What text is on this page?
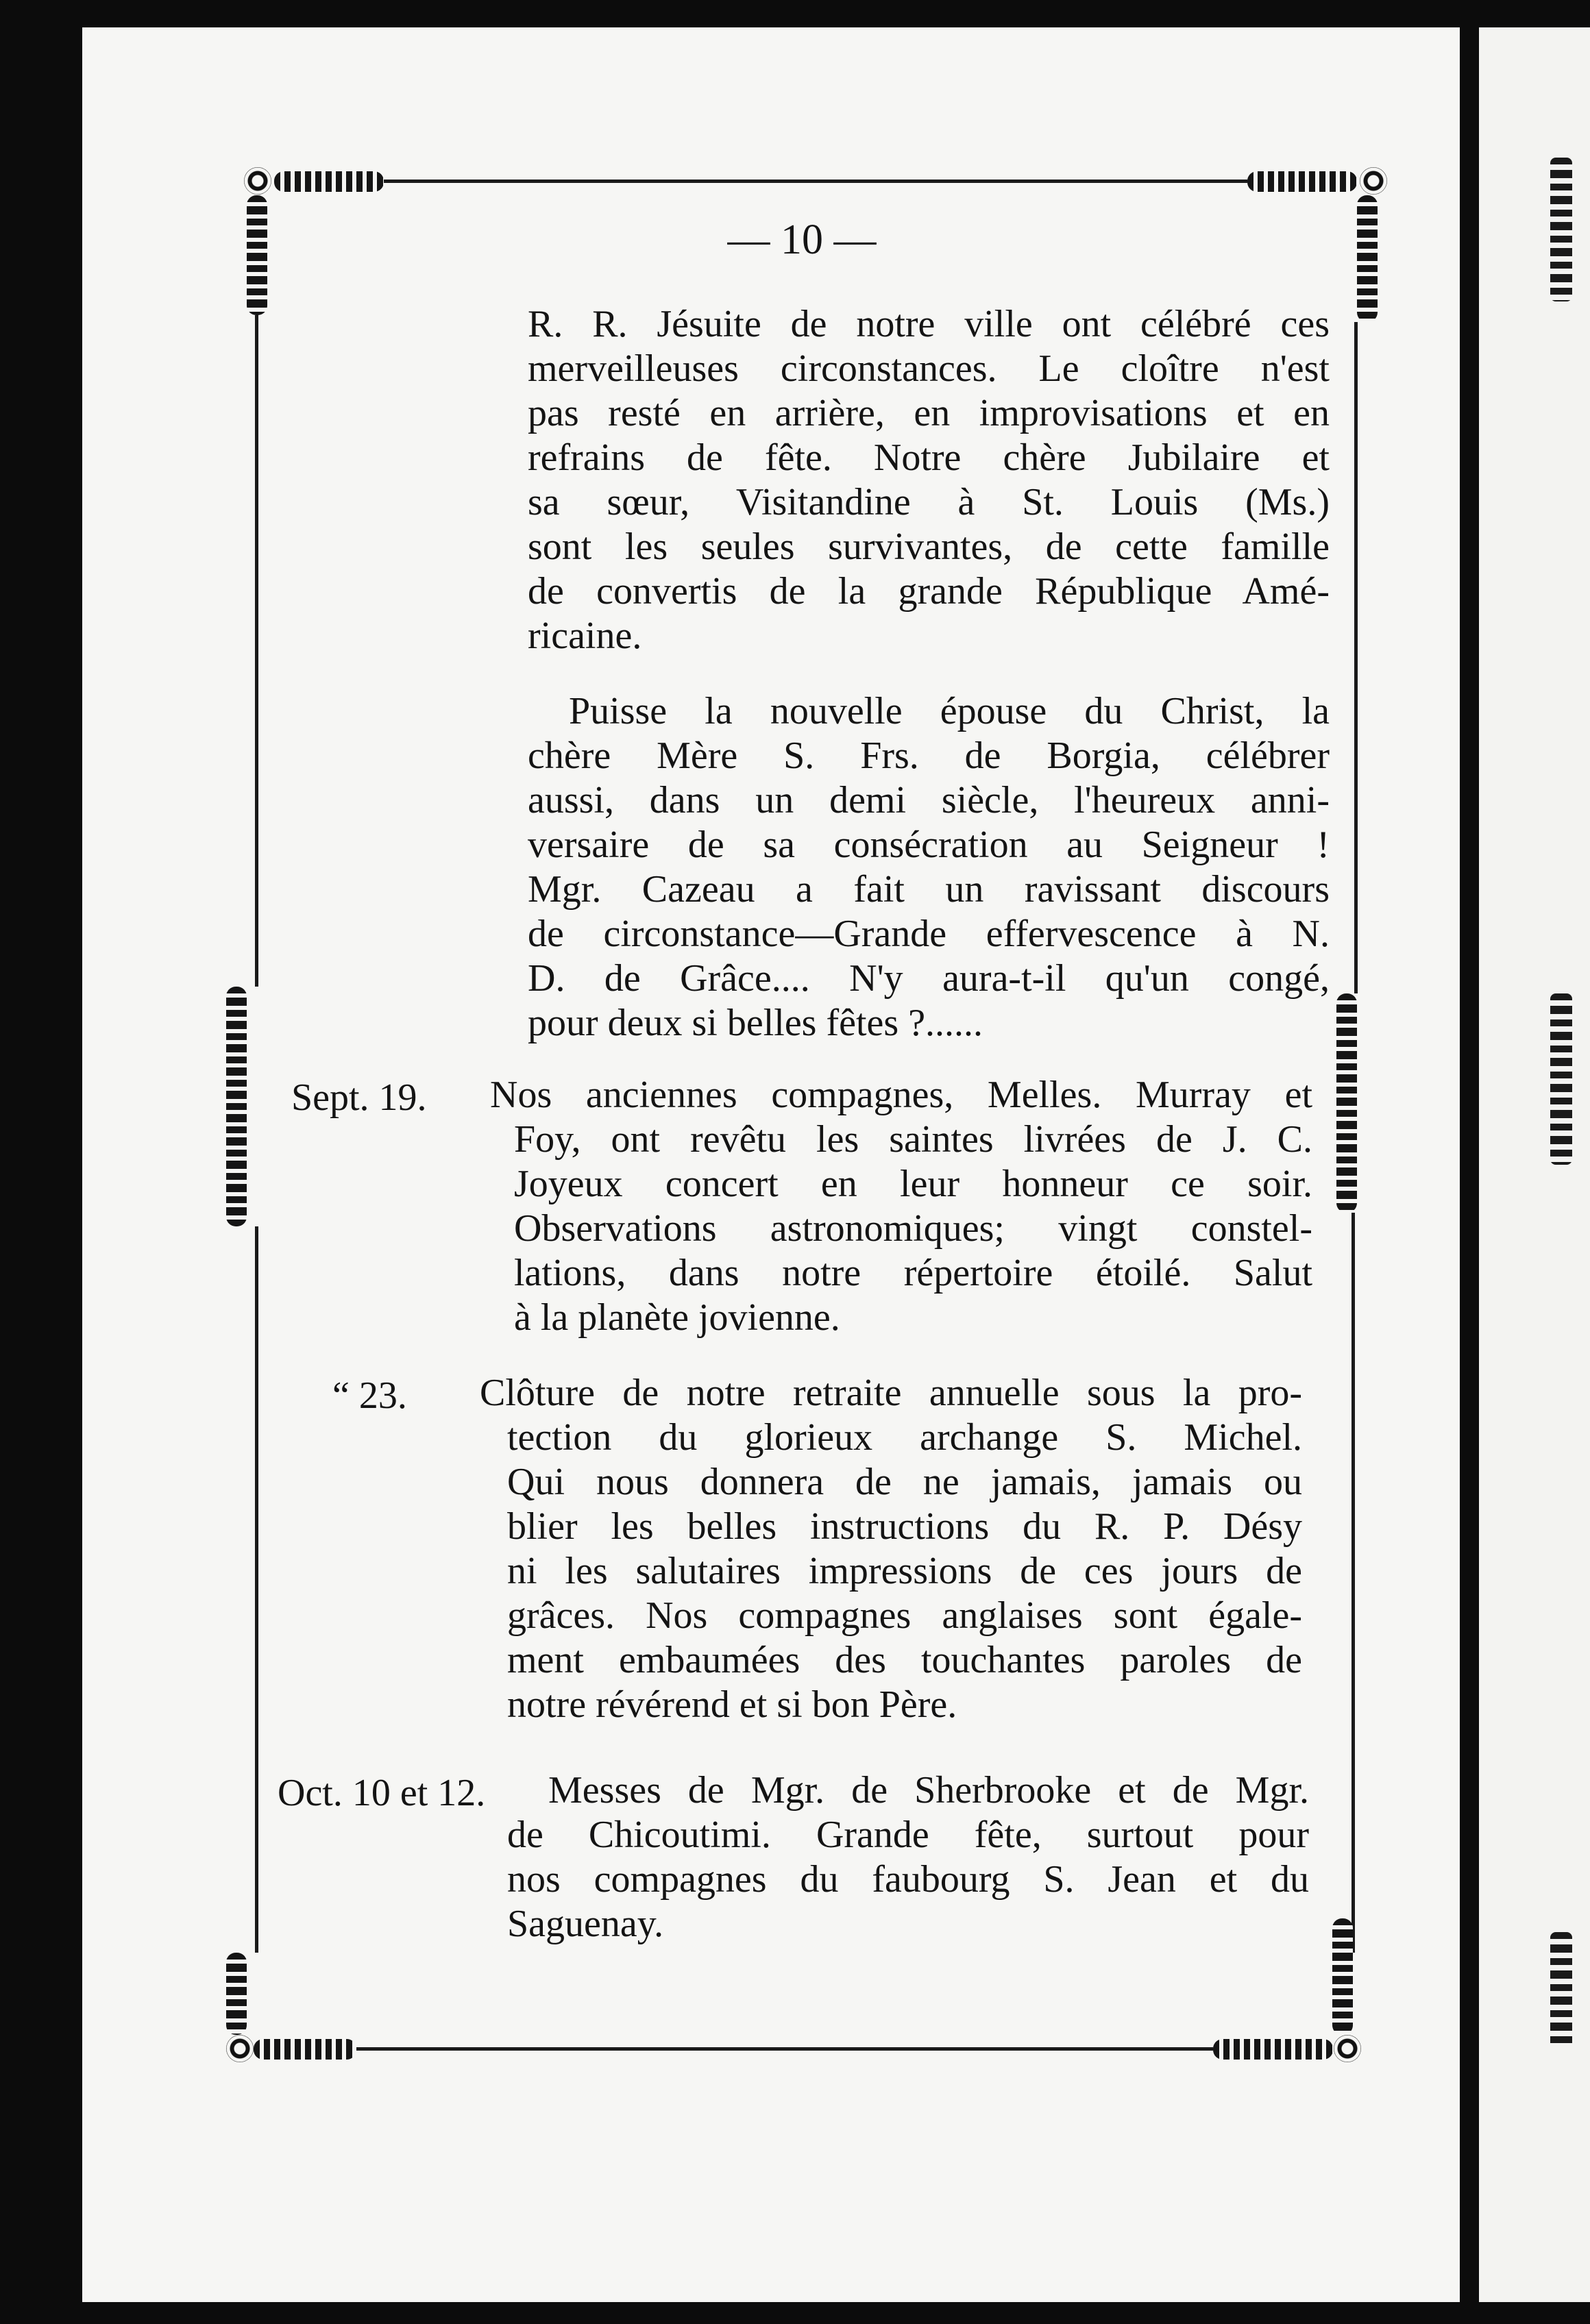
— 10 —
R. R. Jésuite de notre ville ont célébré ces
merveilleuses circonstances. Le cloître n'est
pas resté en arrière, en improvisations et en
refrains de fête. Notre chère Jubilaire et
sa sœur, Visitandine à St. Louis (Ms.)
sont les seules survivantes, de cette famille
de convertis de la grande République Amé-
ricaine.
Puisse la nouvelle épouse du Christ, la
chère Mère S. Frs. de Borgia, célébrer
aussi, dans un demi siècle, l'heureux anni-
versaire de sa consécration au Seigneur !
Mgr. Cazeau a fait un ravissant discours
de circonstance—Grande effervescence à N.
D. de Grâce.... N'y aura-t-il qu'un congé,
pour deux si belles fêtes ?......
Sept. 19. Nos anciennes compagnes, Melles. Murray et
Foy, ont revêtu les saintes livrées de J. C.
Joyeux concert en leur honneur ce soir.
Observations astronomiques; vingt constel-
lations, dans notre répertoire étoilé. Salut
à la planète jovienne.
“ 23. Clôture de notre retraite annuelle sous la pro-
tection du glorieux archange S. Michel.
Qui nous donnera de ne jamais, jamais ou
blier les belles instructions du R. P. Désy
ni les salutaires impressions de ces jours de
grâces. Nos compagnes anglaises sont égale-
ment embaumées des touchantes paroles de
notre révérend et si bon Père.
Oct. 10 et 12. Messes de Mgr. de Sherbrooke et de Mgr.
de Chicoutimi. Grande fête, surtout pour
nos compagnes du faubourg S. Jean et du
Saguenay.
